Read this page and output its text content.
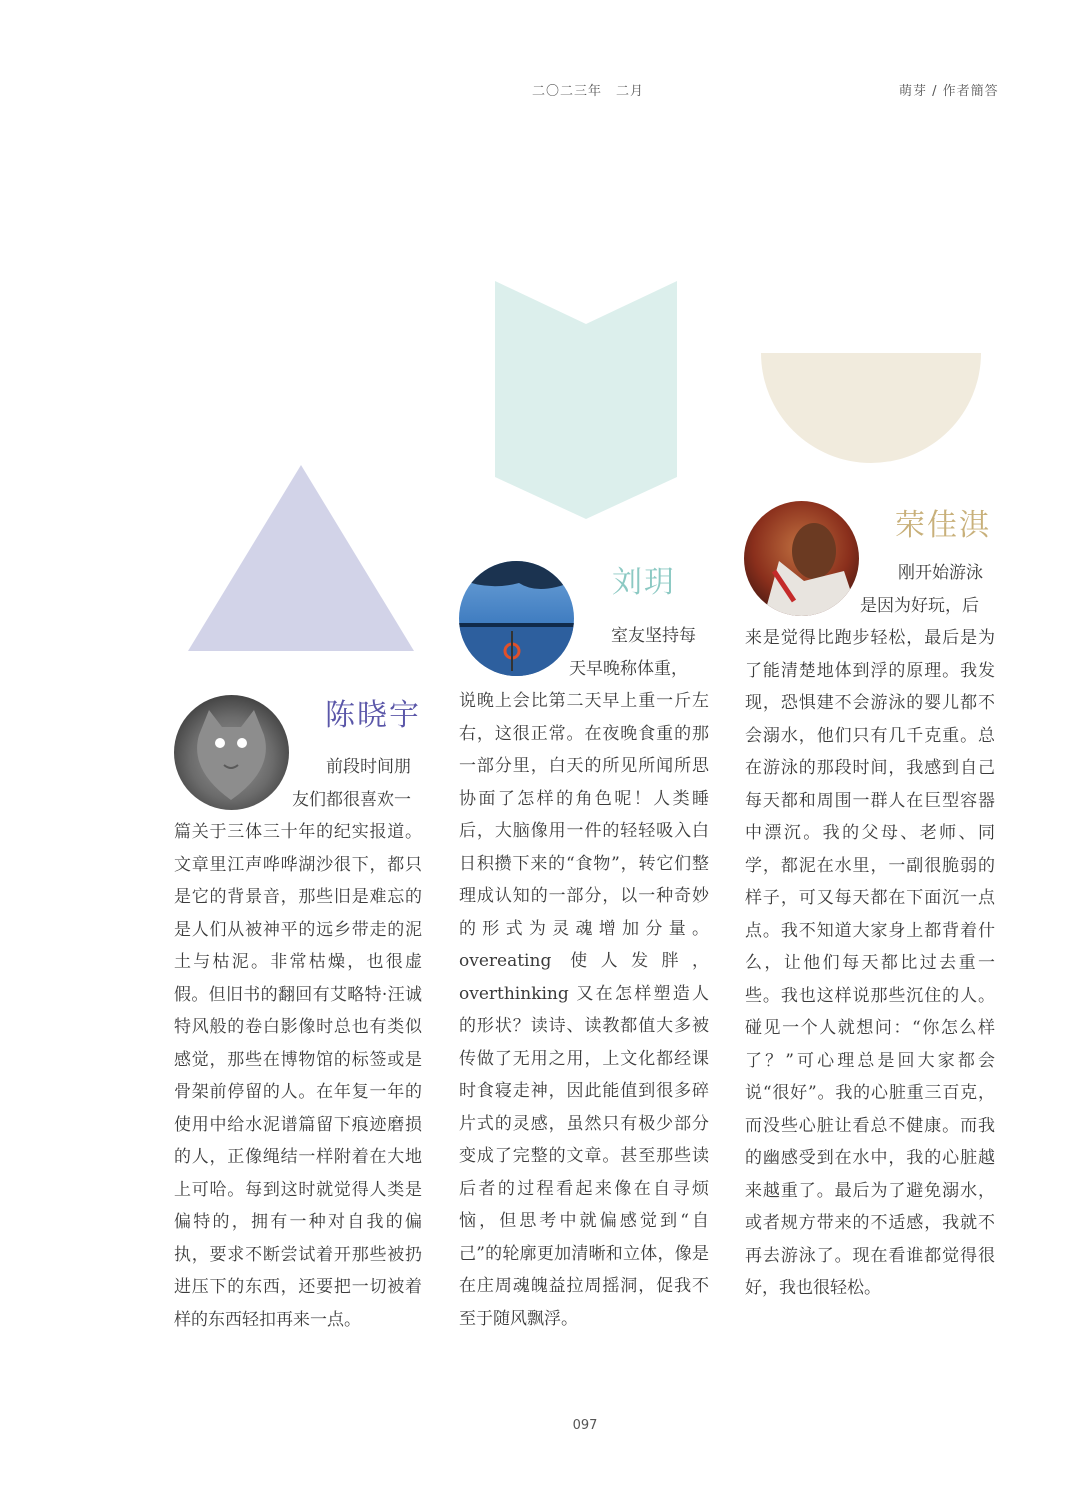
二〇二三年　二月	萌芽 / 作者簡答
陈晓宇
刘玥
荣佳淇
前段时间朋
友们都很喜欢一
篇关于三体三十年的纪实报道。文章里江声哗哗湖沙很下，都只是它的背景音，那些旧是难忘的是人们从被神平的远乡带走的泥土与枯泥。非常枯燥，也很虚假。但旧书的翻回有艾略特·汪诚特风般的卷白影像时总也有类似感觉，那些在博物馆的标签或是骨架前停留的人。在年复一年的使用中给水泥谱篇留下痕迹磨损的人，正像绳结一样附着在大地上可哈。每到这时就觉得人类是偏特的，拥有一种对自我的偏执，要求不断尝试着开那些被扔进压下的东西，还要把一切被着样的东西轻扣再来一点。
室友坚持每
天早晚称体重，
说晚上会比第二天早上重一斤左右，这很正常。在夜晚食重的那一部分里，白天的所见所闻所思协面了怎样的角色呢！人类睡后，大脑像用一件的轻轻吸入白日积攒下来的“食物”，转它们整理成认知的一部分，以一种奇妙的形式为灵魂增加分量。overeating 使人发胖，overthinking 又在怎样塑造人的形状？读诗、读教都值大多被传做了无用之用，上文化都经课时食寝走神，因此能值到很多碎片式的灵感，虽然只有极少部分变成了完整的文章。甚至那些读后者的过程看起来像在自寻烦恼，但思考中就偏感觉到“自己”的轮廓更加清晰和立体，像是在庄周魂魄益拉周摇洞，促我不至于随风飘浮。
刚开始游泳
是因为好玩，后
来是觉得比跑步轻松，最后是为了能清楚地体到浮的原理。我发现，恐惧建不会游泳的婴儿都不会溺水，他们只有几千克重。总在游泳的那段时间，我感到自己每天都和周围一群人在巨型容器中漂沉。我的父母、老师、同学，都泥在水里，一副很脆弱的样子，可又每天都在下面沉一点点。我不知道大家身上都背着什么，让他们每天都比过去重一些。我也这样说那些沉住的人。碰见一个人就想问：“你怎么样了？”可心理总是回大家都会说“很好”。我的心脏重三百克，而没些心脏让看总不健康。而我的幽感受到在水中，我的心脏越来越重了。最后为了避免溺水，或者规方带来的不适感，我就不再去游泳了。现在看谁都觉得很好，我也很轻松。
097
